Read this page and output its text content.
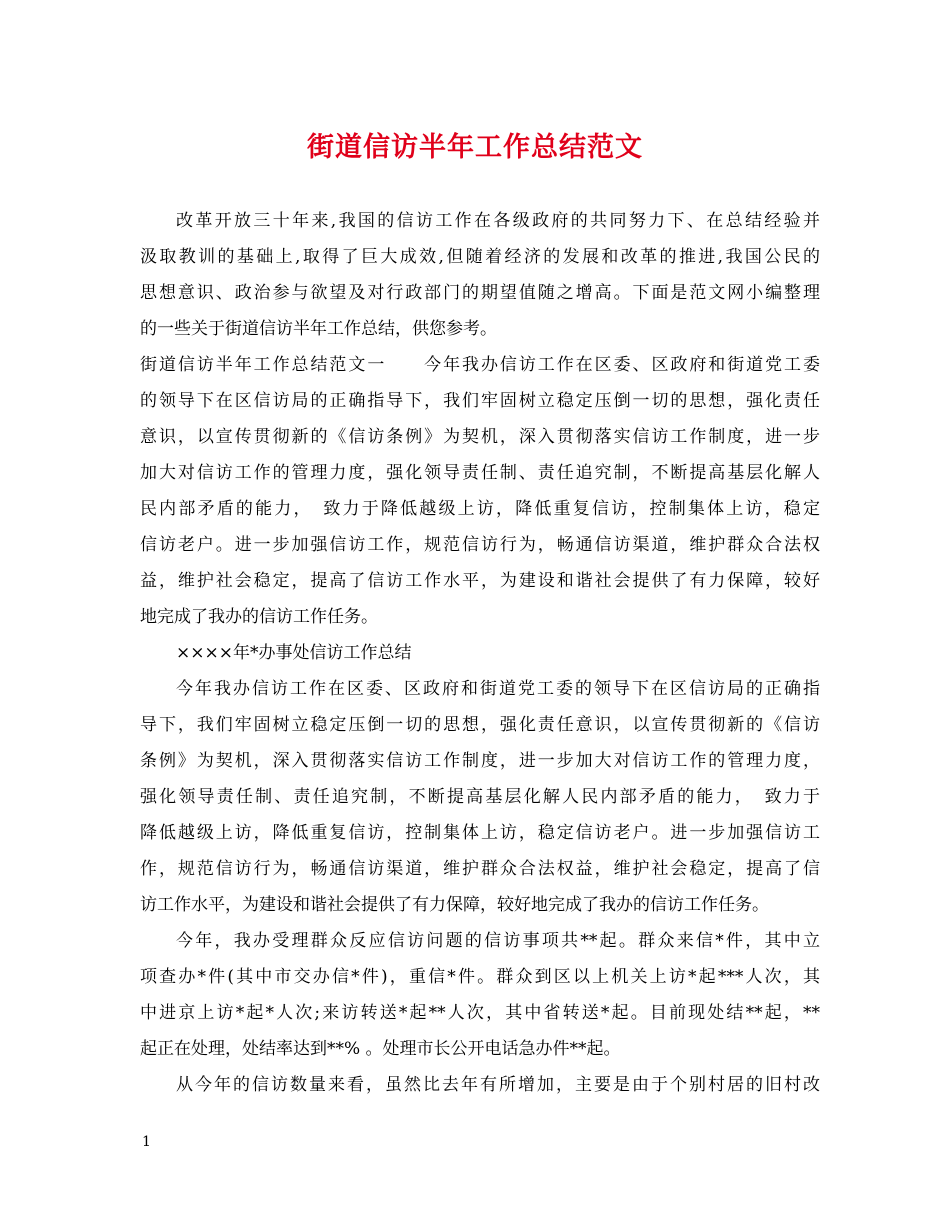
街道信访半年工作总结范文
改革开放三十年来,我国的信访工作在各级政府的共同努力下、在总结经验并
汲取教训的基础上,取得了巨大成效,但随着经济的发展和改革的推进,我国公民的
思想意识、政治参与欲望及对行政部门的期望值随之增高。下面是范文网小编整理
的一些关于街道信访半年工作总结，供您参考。
街道信访半年工作总结范文一　　今年我办信访工作在区委、区政府和街道党工委
的领导下在区信访局的正确指导下，我们牢固树立稳定压倒一切的思想，强化责任
意识，以宣传贯彻新的《信访条例》为契机，深入贯彻落实信访工作制度，进一步
加大对信访工作的管理力度，强化领导责任制、责任追究制，不断提高基层化解人
民内部矛盾的能力，　致力于降低越级上访，降低重复信访，控制集体上访，稳定
信访老户。进一步加强信访工作，规范信访行为，畅通信访渠道，维护群众合法权
益，维护社会稳定，提高了信访工作水平，为建设和谐社会提供了有力保障，较好
地完成了我办的信访工作任务。
××××年*办事处信访工作总结
今年我办信访工作在区委、区政府和街道党工委的领导下在区信访局的正确指
导下，我们牢固树立稳定压倒一切的思想，强化责任意识，以宣传贯彻新的《信访
条例》为契机，深入贯彻落实信访工作制度，进一步加大对信访工作的管理力度，
强化领导责任制、责任追究制，不断提高基层化解人民内部矛盾的能力，　致力于
降低越级上访，降低重复信访，控制集体上访，稳定信访老户。进一步加强信访工
作，规范信访行为，畅通信访渠道，维护群众合法权益，维护社会稳定，提高了信
访工作水平，为建设和谐社会提供了有力保障，较好地完成了我办的信访工作任务。
今年，我办受理群众反应信访问题的信访事项共**起。群众来信*件，其中立
项查办*件(其中市交办信*件)，重信*件。群众到区以上机关上访*起***人次，其
中进京上访*起*人次;来访转送*起**人次，其中省转送*起。目前现处结**起，**
起正在处理，处结率达到**% 。处理市长公开电话急办件**起。
从今年的信访数量来看，虽然比去年有所增加，主要是由于个别村居的旧村改
1
